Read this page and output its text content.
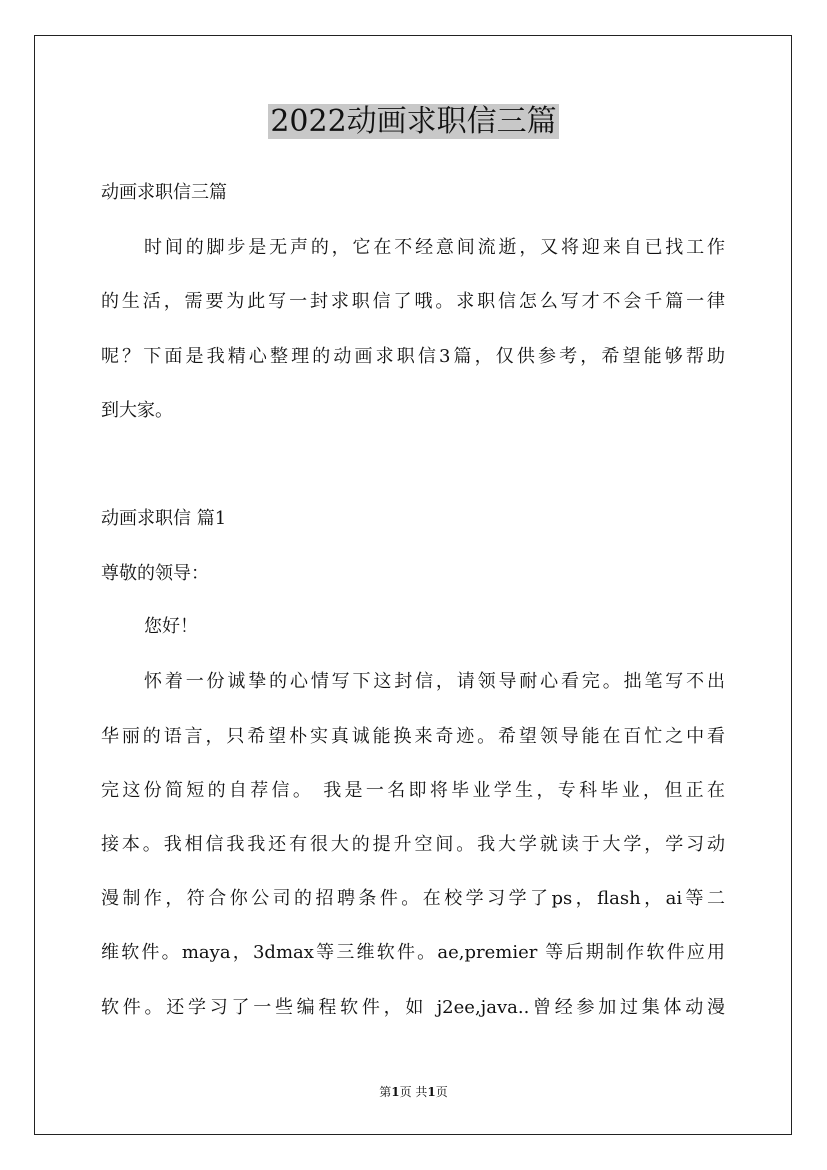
2022动画求职信三篇
动画求职信三篇
时间的脚步是无声的，它在不经意间流逝，又将迎来自已找工作
的生活，需要为此写一封求职信了哦。求职信怎么写才不会千篇一律
呢？下面是我精心整理的动画求职信3篇，仅供参考，希望能够帮助
到大家。
动画求职信 篇1
尊敬的领导：
您好！
怀着一份诚挚的心情写下这封信，请领导耐心看完。拙笔写不出
华丽的语言，只希望朴实真诚能换来奇迹。希望领导能在百忙之中看
完这份简短的自荐信。 我是一名即将毕业学生，专科毕业，但正在
接本。我相信我我还有很大的提升空间。我大学就读于大学，学习动
漫制作，符合你公司的招聘条件。在校学习学了ps，flash，ai等二
维软件。maya，3dmax等三维软件。ae,premier 等后期制作软件应用
软件。还学习了一些编程软件，如 j2ee,java..曾经参加过集体动漫
第1页 共1页
